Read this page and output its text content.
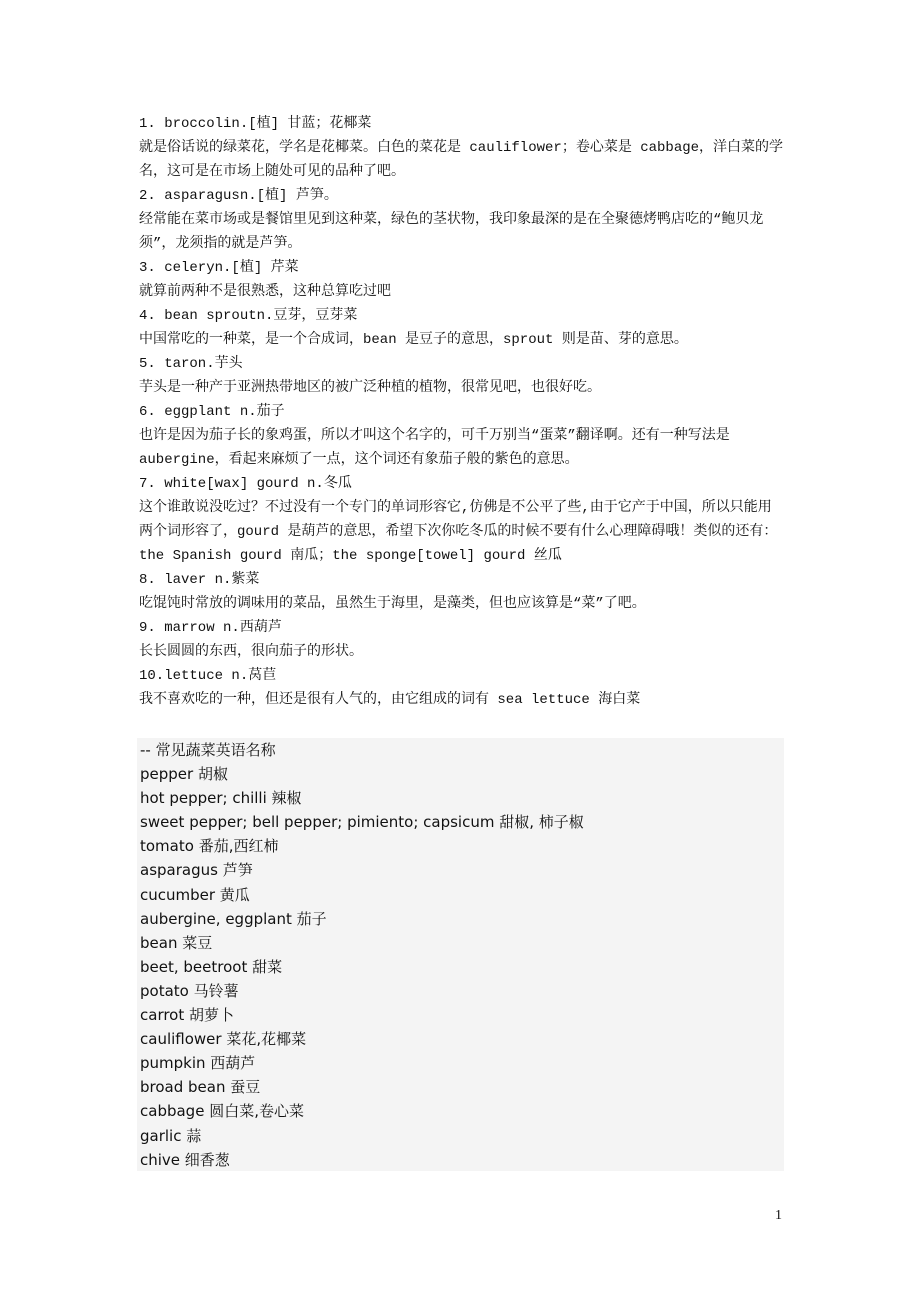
1. broccolin.[植] 甘蓝；花椰菜

就是俗话说的绿菜花，学名是花椰菜。白色的菜花是 cauliflower；卷心菜是 cabbage，洋白菜的学名，这可是在市场上随处可见的品种了吧。

2. asparagusn.[植] 芦笋。

经常能在菜市场或是餐馆里见到这种菜，绿色的茎状物，我印象最深的是在全聚德烤鸭店吃的“鲍贝龙须”，龙须指的就是芦笋。

3. celeryn.[植] 芹菜

就算前两种不是很熟悉，这种总算吃过吧

4. bean sproutn.豆芽，豆芽菜

中国常吃的一种菜，是一个合成词，bean 是豆子的意思，sprout 则是苗、芽的意思。

5. taron.芋头

芋头是一种产于亚洲热带地区的被广泛种植的植物，很常见吧，也很好吃。

6. eggplant n.茄子

也许是因为茄子长的象鸡蛋，所以才叫这个名字的，可千万别当“蛋菜”翻译啊。还有一种写法是 aubergine，看起来麻烦了一点，这个词还有象茄子般的紫色的意思。

7. white[wax] gourd n.冬瓜

这个谁敢说没吃过？不过没有一个专门的单词形容它,仿佛是不公平了些,由于它产于中国，所以只能用两个词形容了，gourd 是葫芦的意思，希望下次你吃冬瓜的时候不要有什么心理障碍哦！类似的还有：the Spanish gourd 南瓜；the sponge[towel] gourd 丝瓜

8. laver n.紫菜

吃馄饨时常放的调味用的菜品，虽然生于海里，是藻类，但也应该算是“菜”了吧。

9. marrow n.西葫芦

长长圆圆的东西，很向茄子的形状。

10.lettuce n.莴苣

我不喜欢吃的一种，但还是很有人气的，由它组成的词有 sea lettuce 海白菜

-- 常见蔬菜英语名称

pepper 胡椒

hot pepper; chilli 辣椒

sweet pepper; bell pepper; pimiento; capsicum 甜椒, 柿子椒

tomato 番茄,西红柿

asparagus 芦笋

cucumber 黄瓜

aubergine, eggplant 茄子

bean 菜豆

beet, beetroot 甜菜

potato 马铃薯

carrot 胡萝卜

cauliflower 菜花,花椰菜

pumpkin 西葫芦

broad bean 蚕豆

cabbage 圆白菜,卷心菜

garlic 蒜

chive 细香葱

1
